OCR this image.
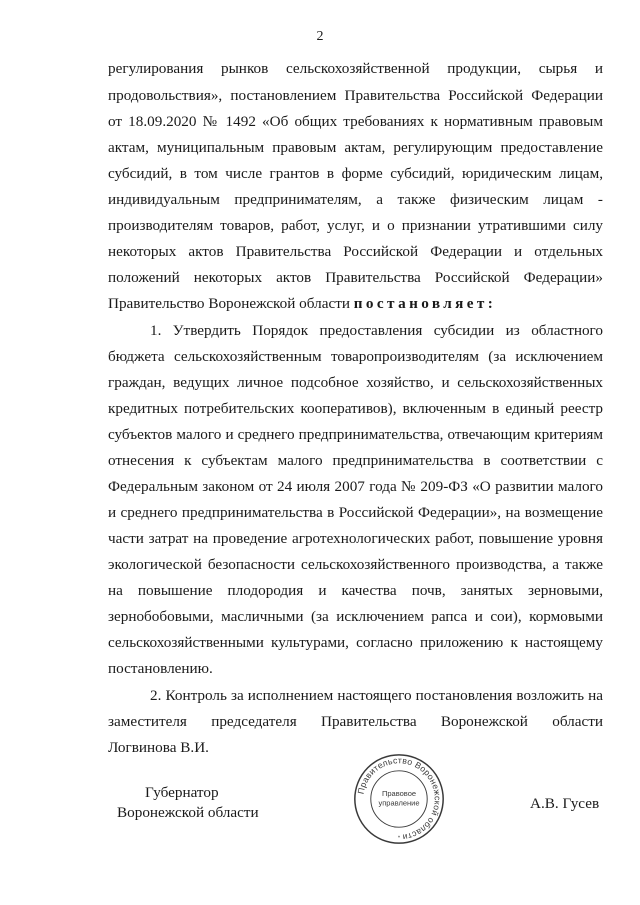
2
регулирования рынков сельскохозяйственной продукции, сырья и
продовольствия», постановлением Правительства Российской Федерации
от 18.09.2020 № 1492 «Об общих требованиях к нормативным правовым
актам, муниципальным правовым актам, регулирующим предоставление
субсидий, в том числе грантов в форме субсидий, юридическим лицам,
индивидуальным предпринимателям, а также физическим лицам -
производителям товаров, работ, услуг, и о признании утратившими силу
некоторых актов Правительства Российской Федерации и отдельных
положений некоторых актов Правительства Российской Федерации»
Правительство Воронежской области постановляет:
1. Утвердить Порядок предоставления субсидии из областного
бюджета сельскохозяйственным товаропроизводителям (за исключением
граждан, ведущих личное подсобное хозяйство, и сельскохозяйственных
кредитных потребительских кооперативов), включенным в единый реестр
субъектов малого и среднего предпринимательства, отвечающим критериям
отнесения к субъектам малого предпринимательства в соответствии с
Федеральным законом от 24 июля 2007 года № 209-ФЗ «О развитии малого
и среднего предпринимательства в Российской Федерации», на возмещение
части затрат на проведение агротехнологических работ, повышение уровня
экологической безопасности сельскохозяйственного производства, а также
на повышение плодородия и качества почв, занятых зерновыми,
зернобобовыми, масличными (за исключением рапса и сои), кормовыми
сельскохозяйственными культурами, согласно приложению к настоящему
постановлению.
2. Контроль за исполнением настоящего постановления возложить на
заместителя председателя Правительства Воронежской области
Логвинова В.И.
Губернатор
Воронежской области
Правительство Воронежской области
Правовое
управление
*
А.В. Гусев
